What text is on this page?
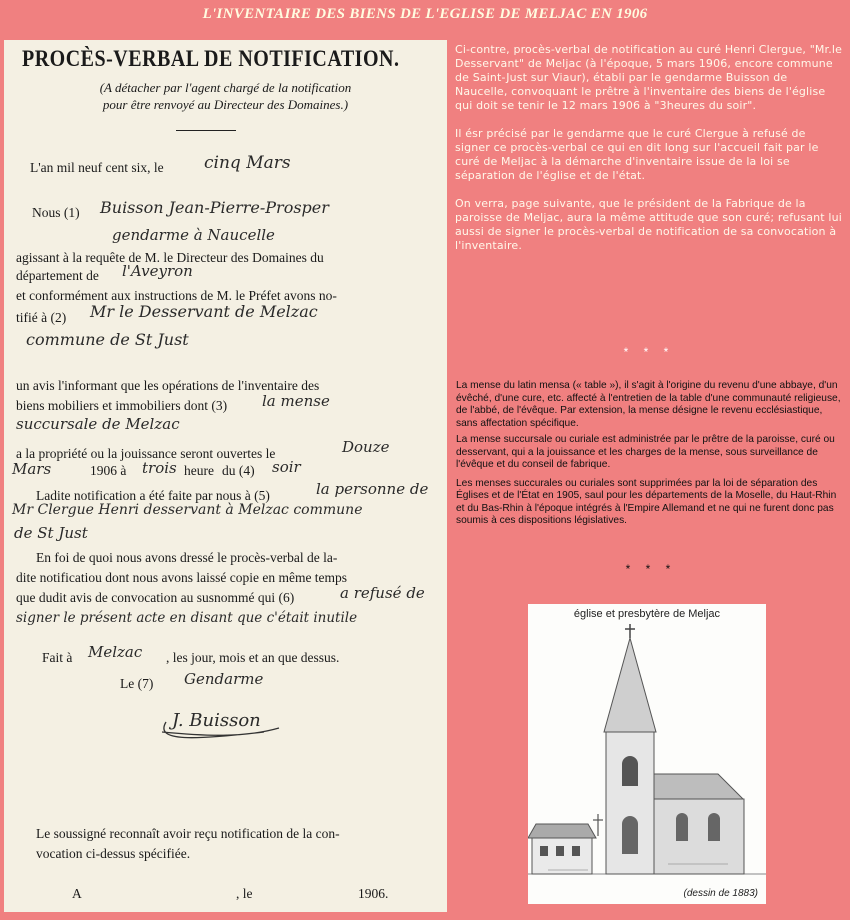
L'INVENTAIRE DES BIENS DE L'EGLISE DE MELJAC EN 1906
PROCÈS-VERBAL DE NOTIFICATION.
(A détacher par l'agent chargé de la notification
pour être renvoyé au Directeur des Domaines.)
L'an mil neuf cent six, le cinq Mars
Nous (1) Buisson Jean-Pierre-Prosper
gendarme à Naucelle
agissant à la requête de M. le Directeur des Domaines du
département de l'Aveyron
et conformément aux instructions de M. le Préfet avons no-
tifié à (2) Mr le Desservant de Melzac
commune de St Just
un avis l'informant que les opérations de l'inventaire des
biens mobiliers et immobiliers dont (3) la mense
succursale de Melzac
a la propriété ou la jouissance seront ouvertes le	Douze
Mars	1906 à trois heure du (4) soir
Ladite notification a été faite par nous à (5)	la personne de
Mr Clergue Henri desservant à Melzac commune
de St Just
En foi de quoi nous avons dressé le procès-verbal de la-
dite notificatiou dont nous avons laissé copie en même temps
que dudit avis de convocation au susnommé qui (6)	a refusé de
signer le présent acte en disant que c'était inutile
Fait à Melzac , les jour, mois et an que dessus.
Le (7) Gendarme
J. Buisson
Le soussigné reconnaît avoir reçu notification de la con-
vocation ci-dessus spécifiée.
A	, le	1906.

Ci-contre, procès-verbal de notification au curé Henri Clergue, "Mr.le Desservant" de Meljac (à l'époque, 5 mars 1906, encore commune de Saint-Just sur Viaur), établi par le gendarme Buisson de Naucelle, convoquant le prêtre à l'inventaire des biens de l'église qui doit se tenir le 12 mars 1906 à "3heures du soir".

Il ésr précisé par le gendarme que le curé Clergue à refusé de signer ce procès-verbal ce qui en dit long sur l'accueil fait par le curé de Meljac à la démarche d'inventaire issue de la loi se séparation de l'église et de l'état.

On verra, page suivante, que le président de la Fabrique de la paroisse de Meljac, aura la même attitude que son curé; refusant lui aussi de signer le procès-verbal de notification de sa convocation à l'inventaire.

* * *

La mense du latin mensa (« table »), il s'agit à l'origine du revenu d'une abbaye, d'un évêché, d'une cure, etc. affecté à l'entretien de la table d'une communauté religieuse, de l'abbé, de l'évêque. Par extension, la mense désigne le revenu ecclésiastique, sans affectation spécifique.

La mense succursale ou curiale est administrée par le prêtre de la paroisse, curé ou desservant, qui a la jouissance et les charges de la mense, sous surveillance de l'évêque et du conseil de fabrique.

Les menses succurales ou curiales sont supprimées par la loi de séparation des Églises et de l'État en 1905, saul pour les départements de la Moselle, du Haut-Rhin et du Bas-Rhin à l'époque intégrés à l'Empire Allemand et ne qui ne furent donc pas soumis à ces dispositions législatives.

* * *
église et presbytère de Meljac
(dessin de 1883)
